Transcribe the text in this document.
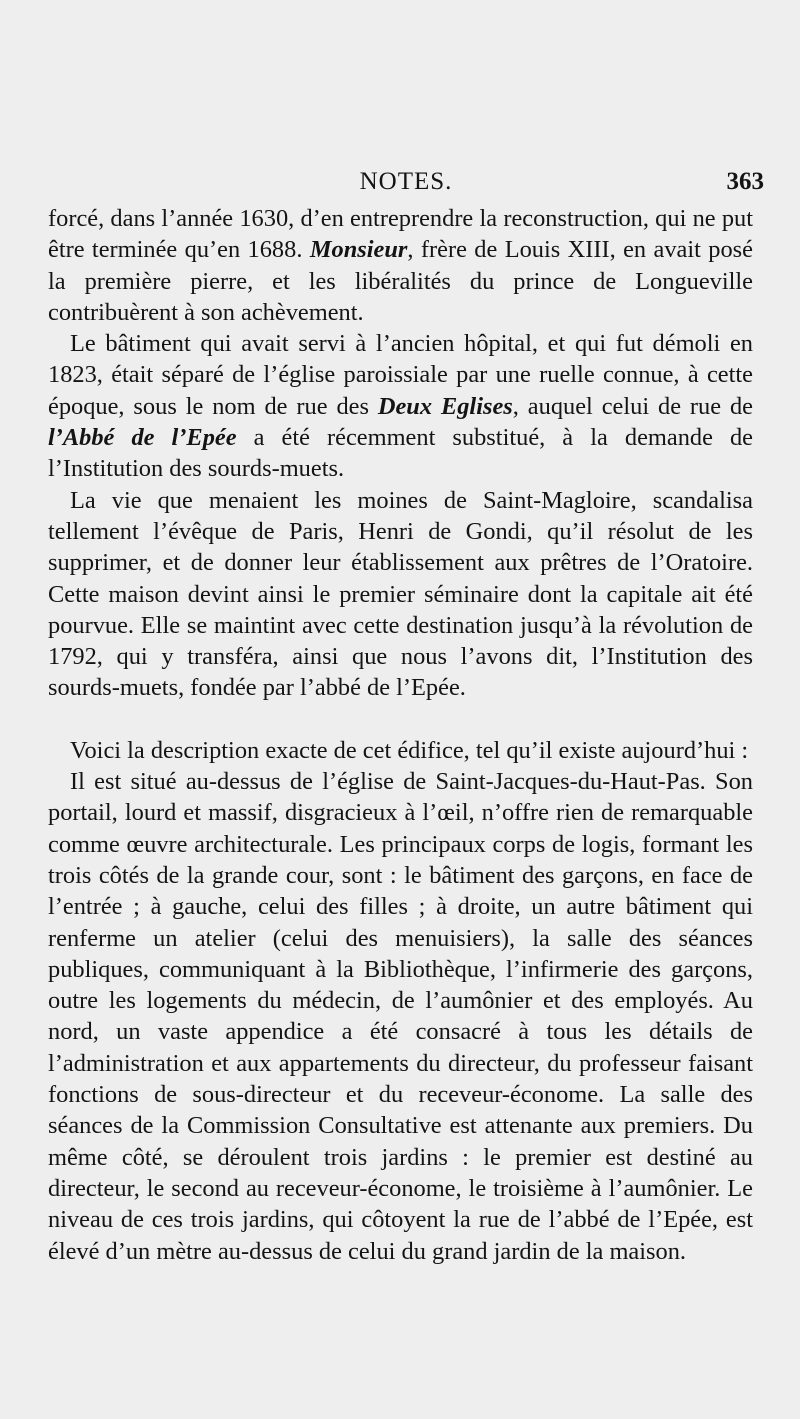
NOTES.	363

forcé, dans l’année 1630, d’en entreprendre la reconstruction, qui ne put être terminée qu’en 1688. Monsieur, frère de Louis XIII, en avait posé la première pierre, et les libéralités du prince de Longueville contribuèrent à son achèvement.

Le bâtiment qui avait servi à l’ancien hôpital, et qui fut démoli en 1823, était séparé de l’église paroissiale par une ruelle connue, à cette époque, sous le nom de rue des Deux Eglises, auquel celui de rue de l’Abbé de l’Epée a été récemment substitué, à la demande de l’Institution des sourds-muets.

La vie que menaient les moines de Saint-Magloire, scandalisa tellement l’évêque de Paris, Henri de Gondi, qu’il résolut de les supprimer, et de donner leur établissement aux prêtres de l’Oratoire. Cette maison devint ainsi le premier séminaire dont la capitale ait été pourvue. Elle se maintint avec cette destination jusqu’à la révolution de 1792, qui y transféra, ainsi que nous l’avons dit, l’Institution des sourds-muets, fondée par l’abbé de l’Epée.

Voici la description exacte de cet édifice, tel qu’il existe aujourd’hui :

Il est situé au-dessus de l’église de Saint-Jacques-du-Haut-Pas. Son portail, lourd et massif, disgracieux à l’œil, n’offre rien de remarquable comme œuvre architecturale. Les principaux corps de logis, formant les trois côtés de la grande cour, sont : le bâtiment des garçons, en face de l’entrée ; à gauche, celui des filles ; à droite, un autre bâtiment qui renferme un atelier (celui des menuisiers), la salle des séances publiques, communiquant à la Bibliothèque, l’infirmerie des garçons, outre les logements du médecin, de l’aumônier et des employés. Au nord, un vaste appendice a été consacré à tous les détails de l’administration et aux appartements du directeur, du professeur faisant fonctions de sous-directeur et du receveur-économe. La salle des séances de la Commission Consultative est attenante aux premiers. Du même côté, se déroulent trois jardins : le premier est destiné au directeur, le second au receveur-économe, le troisième à l’aumônier. Le niveau de ces trois jardins, qui côtoyent la rue de l’abbé de l’Epée, est élevé d’un mètre au-dessus de celui du grand jardin de la maison.
